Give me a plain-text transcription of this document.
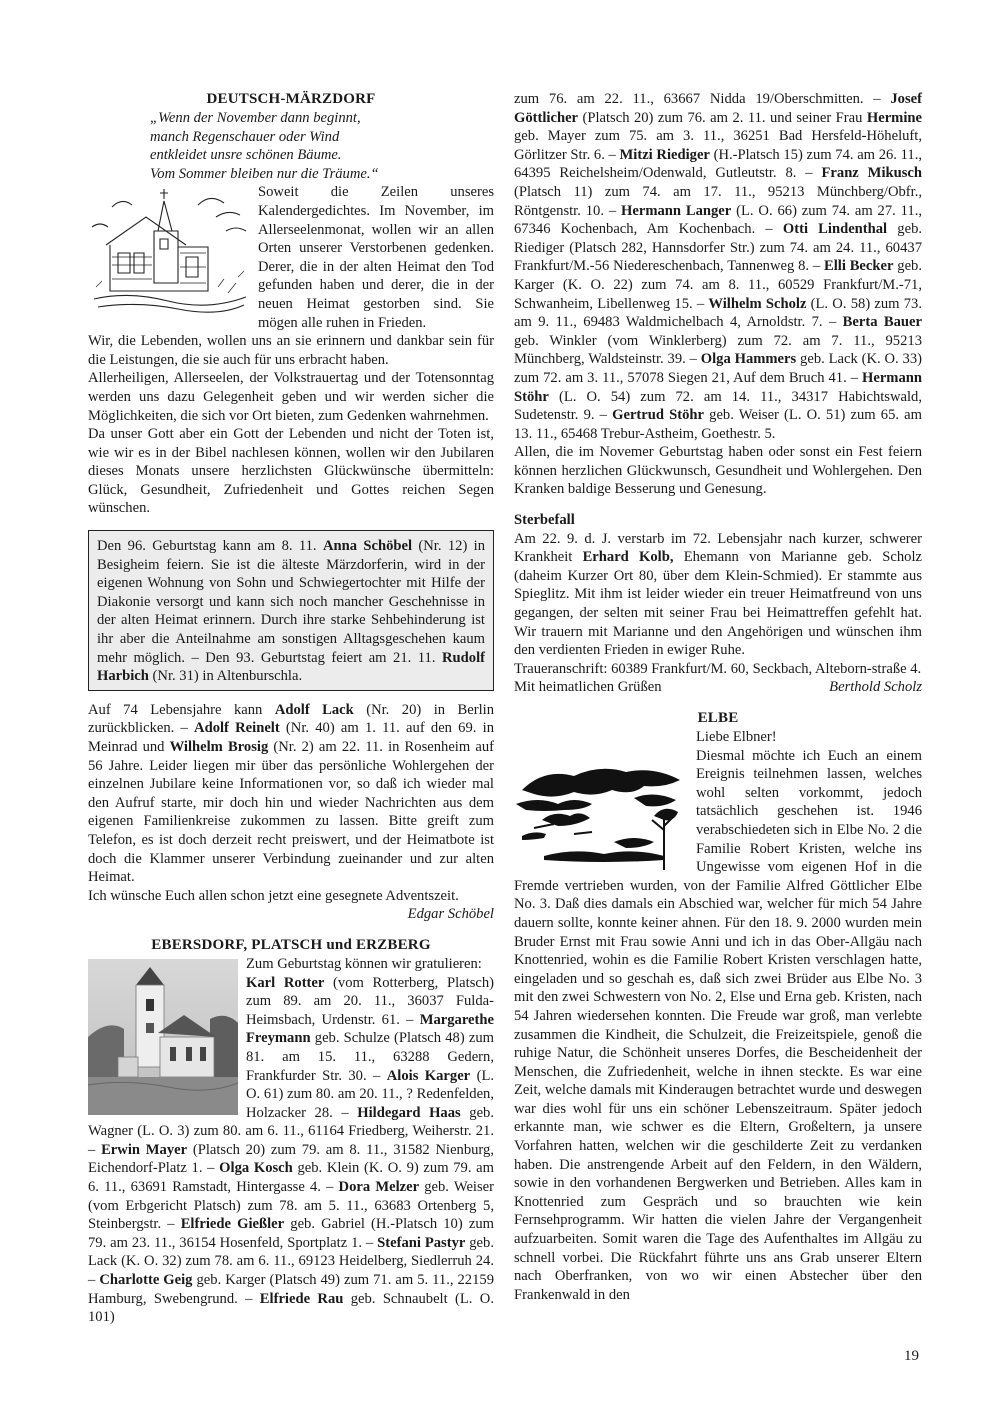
DEUTSCH-MÄRZDORF
„Wenn der November dann beginnt,
manch Regenschauer oder Wind
entkleidet unsre schönen Bäume.
Vom Sommer bleiben nur die Träume.“

Soweit die Zeilen unseres Kalendergedichtes. Im November, im Allerseelenmonat, wollen wir an allen Orten unserer Verstorbenen gedenken. Derer, die in der alten Heimat den Tod gefunden haben und derer, die in der neuen Heimat gestorben sind. Sie mögen alle ruhen in Frieden.

Wir, die Lebenden, wollen uns an sie erinnern und dankbar sein für die Leistungen, die sie auch für uns erbracht haben.

Allerheiligen, Allerseelen, der Volkstrauertag und der Totensonntag werden uns dazu Gelegenheit geben und wir werden sicher die Möglichkeiten, die sich vor Ort bieten, zum Gedenken wahrnehmen.

Da unser Gott aber ein Gott der Lebenden und nicht der Toten ist, wie wir es in der Bibel nachlesen können, wollen wir den Jubilaren dieses Monats unsere herzlichsten Glückwünsche übermitteln: Glück, Gesundheit, Zufriedenheit und Gottes reichen Segen wünschen.

Den 96. Geburtstag kann am 8. 11. Anna Schöbel (Nr. 12) in Besigheim feiern. Sie ist die älteste Märzdorferin, wird in der eigenen Wohnung von Sohn und Schwiegertochter mit Hilfe der Diakonie versorgt und kann sich noch mancher Geschehnisse in der alten Heimat erinnern. Durch ihre starke Sehbehinderung ist ihr aber die Anteilnahme am sonstigen Alltagsgeschehen kaum mehr möglich. – Den 93. Geburtstag feiert am 21. 11. Rudolf Harbich (Nr. 31) in Altenburschla.

Auf 74 Lebensjahre kann Adolf Lack (Nr. 20) in Berlin zurückblicken. – Adolf Reinelt (Nr. 40) am 1. 11. auf den 69. in Meinrad und Wilhelm Brosig (Nr. 2) am 22. 11. in Rosenheim auf 56 Jahre. Leider liegen mir über das persönliche Wohlergehen der einzelnen Jubilare keine Informationen vor, so daß ich wieder mal den Aufruf starte, mir doch hin und wieder Nachrichten aus dem eigenen Familienkreise zukommen zu lassen. Bitte greift zum Telefon, es ist doch derzeit recht preiswert, und der Heimatbote ist doch die Klammer unserer Verbindung zueinander und zur alten Heimat.

Ich wünsche Euch allen schon jetzt eine gesegnete Adventszeit.

Edgar Schöbel
EBERSDORF, PLATSCH und ERZBERG

Zum Geburtstag können wir gratulieren:
Karl Rotter (vom Rotterberg, Platsch) zum 89. am 20. 11., 36037 Fulda-Heimsbach, Urdenstr. 61. – Margarethe Freymann geb. Schulze (Platsch 48) zum 81. am 15. 11., 63288 Gedern, Frankfurder Str. 30. – Alois Karger (L. O. 61) zum 80. am 20. 11., ? Redenfelden, Holzacker 28. – Hildegard Haas geb. Wagner (L. O. 3) zum 80. am 6. 11., 61164 Friedberg, Weiherstr. 21. – Erwin Mayer (Platsch 20) zum 79. am 8. 11., 31582 Nienburg, Eichendorf-Platz 1. – Olga Kosch geb. Klein (K. O. 9) zum 79. am 6. 11., 63691 Ramstadt, Hintergasse 4. – Dora Melzer geb. Weiser (vom Erbgericht Platsch) zum 78. am 5. 11., 63683 Ortenberg 5, Steinbergstr. – Elfriede Gießler geb. Gabriel (H.-Platsch 10) zum 79. am 23. 11., 36154 Hosenfeld, Sportplatz 1. – Stefani Pastyr geb. Lack (K. O. 32) zum 78. am 6. 11., 69123 Heidelberg, Siedlerruh 24. – Charlotte Geig geb. Karger (Platsch 49) zum 71. am 5. 11., 22159 Hamburg, Swebengrund. – Elfriede Rau geb. Schnaubelt (L. O. 101)

zum 76. am 22. 11., 63667 Nidda 19/Oberschmitten. – Josef Göttlicher (Platsch 20) zum 76. am 2. 11. und seiner Frau Hermine geb. Mayer zum 75. am 3. 11., 36251 Bad Hersfeld-Höheluft, Görlitzer Str. 6. – Mitzi Riediger (H.-Platsch 15) zum 74. am 26. 11., 64395 Reichelsheim/Odenwald, Gutleutstr. 8. – Franz Mikusch (Platsch 11) zum 74. am 17. 11., 95213 Münchberg/Obfr., Röntgenstr. 10. – Hermann Langer (L. O. 66) zum 74. am 27. 11., 67346 Kochenbach, Am Kochenbach. – Otti Lindenthal geb. Riediger (Platsch 282, Hannsdorfer Str.) zum 74. am 24. 11., 60437 Frankfurt/M.-56 Niedereschenbach, Tannenweg 8. – Elli Becker geb. Karger (K. O. 22) zum 74. am 8. 11., 60529 Frankfurt/M.-71, Schwanheim, Libellenweg 15. – Wilhelm Scholz (L. O. 58) zum 73. am 9. 11., 69483 Waldmichelbach 4, Arnoldstr. 7. – Berta Bauer geb. Winkler (vom Winklerberg) zum 72. am 7. 11., 95213 Münchberg, Waldsteinstr. 39. – Olga Hammers geb. Lack (K. O. 33) zum 72. am 3. 11., 57078 Siegen 21, Auf dem Bruch 41. – Hermann Stöhr (L. O. 54) zum 72. am 14. 11., 34317 Habichtswald, Sudetenstr. 9. – Gertrud Stöhr geb. Weiser (L. O. 51) zum 65. am 13. 11., 65468 Trebur-Astheim, Goethestr. 5.

Allen, die im Novemer Geburtstag haben oder sonst ein Fest feiern können herzlichen Glückwunsch, Gesundheit und Wohlergehen. Den Kranken baldige Besserung und Genesung.

Sterbefall

Am 22. 9. d. J. verstarb im 72. Lebensjahr nach kurzer, schwerer Krankheit Erhard Kolb, Ehemann von Marianne geb. Scholz (daheim Kurzer Ort 80, über dem Klein-Schmied). Er stammte aus Spieglitz. Mit ihm ist leider wieder ein treuer Heimatfreund von uns gegangen, der selten mit seiner Frau bei Heimattreffen gefehlt hat. Wir trauern mit Marianne und den Angehörigen und wünschen ihm den verdienten Frieden in ewiger Ruhe.

Traueranschrift: 60389 Frankfurt/M. 60, Seckbach, Alteborn-straße 4.

Mit heimatlichen Grüßen	Berthold Scholz
ELBE

Liebe Elbner!

Diesmal möchte ich Euch an einem Ereignis teilnehmen lassen, welches wohl selten vorkommt, jedoch tatsächlich geschehen ist. 1946 verabschiedeten sich in Elbe No. 2 die Familie Robert Kristen, welche ins Ungewisse vom eigenen Hof in die Fremde vertrieben wurden, von der Familie Alfred Göttlicher Elbe No. 3. Daß dies damals ein Abschied war, welcher für mich 54 Jahre dauern sollte, konnte keiner ahnen. Für den 18. 9. 2000 wurden mein Bruder Ernst mit Frau sowie Anni und ich in das Ober-Allgäu nach Knottenried, wohin es die Familie Robert Kristen verschlagen hatte, eingeladen und so geschah es, daß sich zwei Brüder aus Elbe No. 3 mit den zwei Schwestern von No. 2, Else und Erna geb. Kristen, nach 54 Jahren wiedersehen konnten. Die Freude war groß, man verlebte zusammen die Kindheit, die Schulzeit, die Freizeitspiele, genoß die ruhige Natur, die Schönheit unseres Dorfes, die Bescheidenheit der Menschen, die Zufriedenheit, welche in ihnen steckte. Es war eine Zeit, welche damals mit Kinderaugen betrachtet wurde und deswegen war dies wohl für uns ein schöner Lebenszeitraum. Später jedoch erkannte man, wie schwer es die Eltern, Großeltern, ja unsere Vorfahren hatten, welchen wir die geschilderte Zeit zu verdanken haben. Die anstrengende Arbeit auf den Feldern, in den Wäldern, sowie in den vorhandenen Bergwerken und Betrieben. Alles kam in Knottenried zum Gespräch und so brauchten wie kein Fernsehprogramm. Wir hatten die vielen Jahre der Vergangenheit aufzuarbeiten. Somit waren die Tage des Aufenthaltes im Allgäu zu schnell vorbei. Die Rückfahrt führte uns ans Grab unserer Eltern nach Oberfranken, von wo wir einen Abstecher über den Frankenwald in den

19
